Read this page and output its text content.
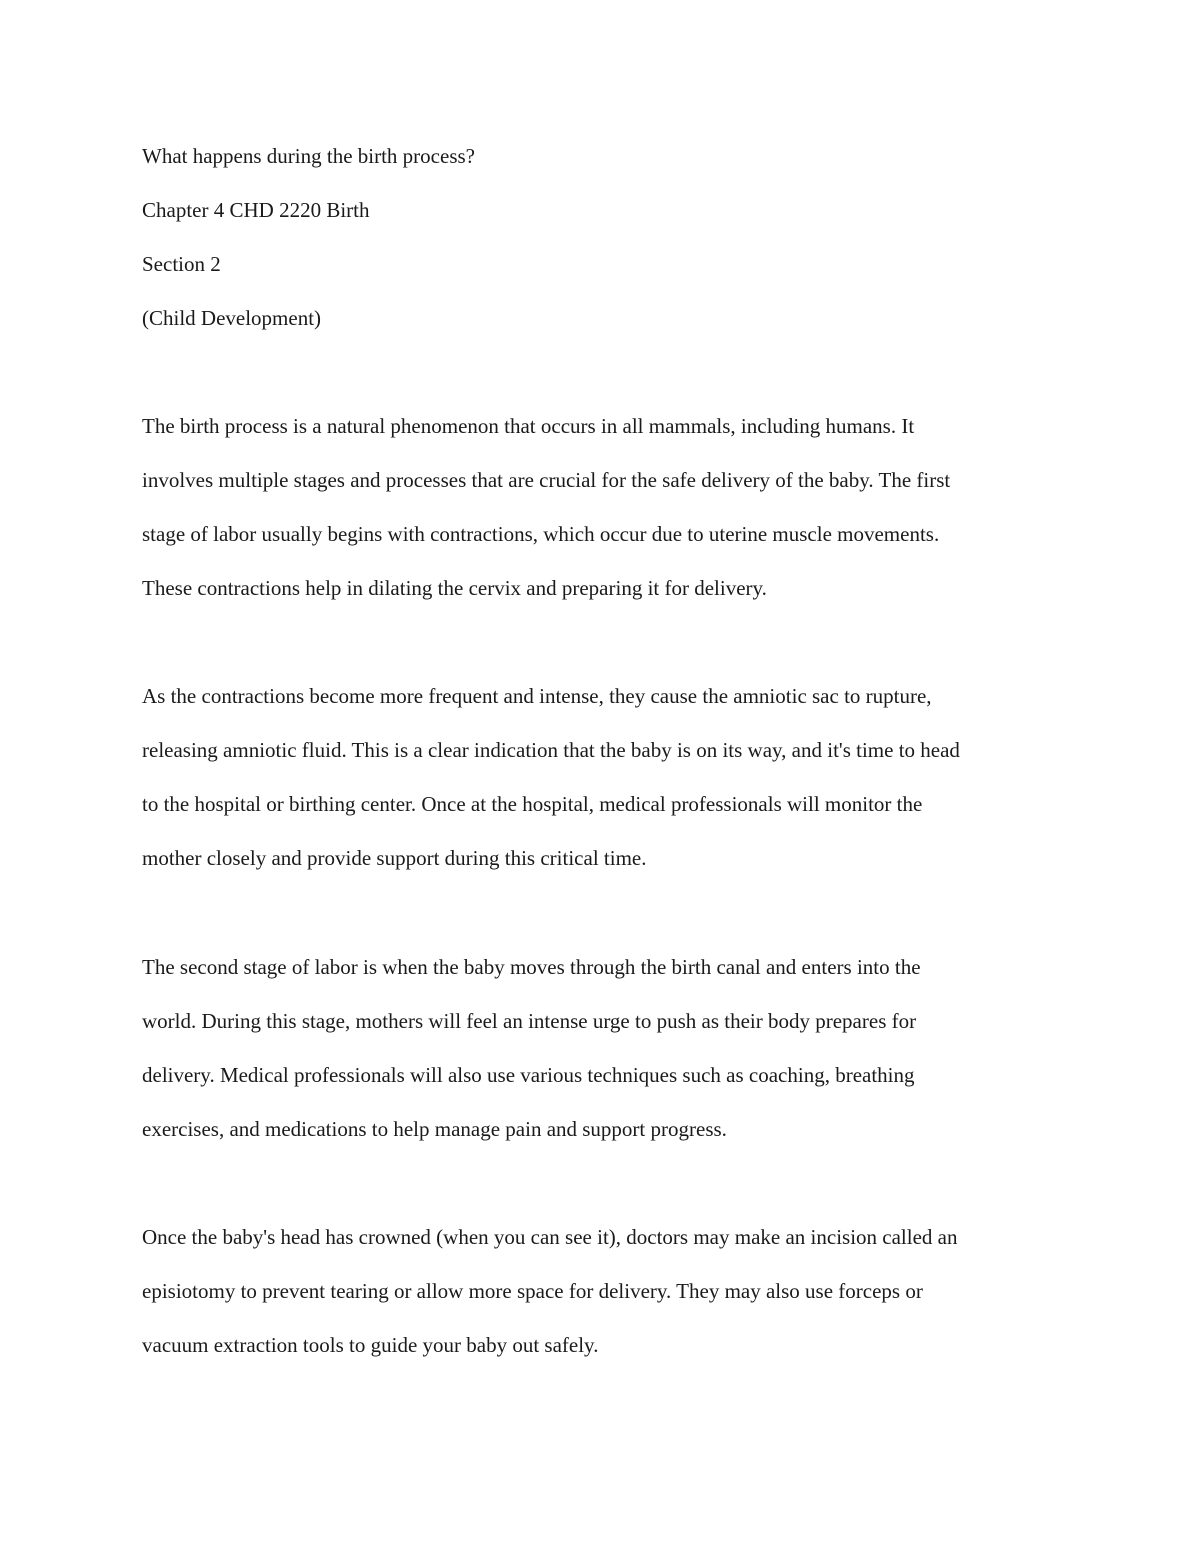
What happens during the birth process?
Chapter 4 CHD 2220 Birth
Section 2
(Child Development)
The birth process is a natural phenomenon that occurs in all mammals, including humans. It
involves multiple stages and processes that are crucial for the safe delivery of the baby. The first
stage of labor usually begins with contractions, which occur due to uterine muscle movements.
These contractions help in dilating the cervix and preparing it for delivery.
As the contractions become more frequent and intense, they cause the amniotic sac to rupture,
releasing amniotic fluid. This is a clear indication that the baby is on its way, and it's time to head
to the hospital or birthing center. Once at the hospital, medical professionals will monitor the
mother closely and provide support during this critical time.
The second stage of labor is when the baby moves through the birth canal and enters into the
world. During this stage, mothers will feel an intense urge to push as their body prepares for
delivery. Medical professionals will also use various techniques such as coaching, breathing
exercises, and medications to help manage pain and support progress.
Once the baby's head has crowned (when you can see it), doctors may make an incision called an
episiotomy to prevent tearing or allow more space for delivery. They may also use forceps or
vacuum extraction tools to guide your baby out safely.
